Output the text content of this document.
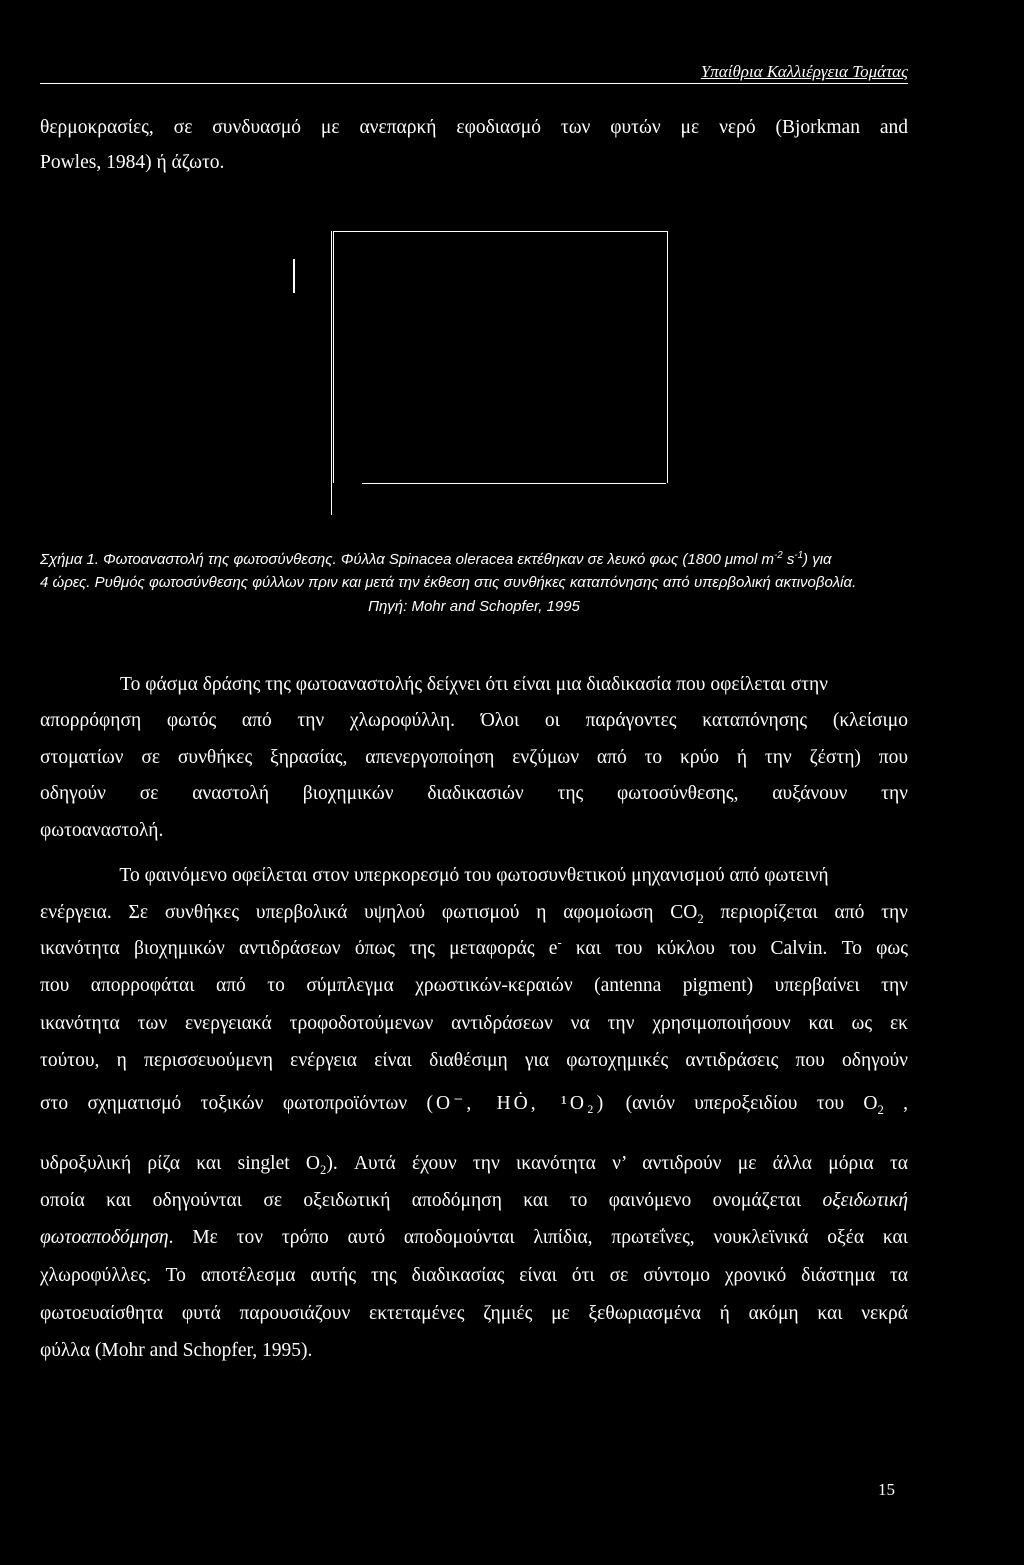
Υπαίθρια Καλλιέργεια Τομάτας
θερμοκρασίες, σε συνδυασμό με ανεπαρκή εφοδιασμό των φυτών με νερό (Bjorkman and
Powles, 1984) ή άζωτο.
Σχήμα 1. Φωτοαναστολή της φωτοσύνθεσης. Φύλλα Spinacea oleracea εκτέθηκαν σε λευκό φως (1800 μmol $m^{-2}$ $s^{-1}$) για
4 ώρες. Ρυθμός φωτοσύνθεσης φύλλων πριν και μετά την έκθεση στις συνθήκες καταπόνησης από υπερβολική ακτινοβολία.
Πηγή: Mohr and Schopfer, 1995
Το φάσμα δράσης της φωτοαναστολής δείχνει ότι είναι μια διαδικασία που οφείλεται στην
απορρόφηση φωτός από την χλωροφύλλη. Όλοι οι παράγοντες καταπόνησης (κλείσιμο
στοματίων σε συνθήκες ξηρασίας, απενεργοποίηση ενζύμων από το κρύο ή την ζέστη) που
οδηγούν σε αναστολή βιοχημικών διαδικασιών της φωτοσύνθεσης, αυξάνουν την
φωτοαναστολή.
Το φαινόμενο οφείλεται στον υπερκορεσμό του φωτοσυνθετικού μηχανισμού από φωτεινή
ενέργεια. Σε συνθήκες υπερβολικά υψηλού φωτισμού η αφομοίωση $CO_2$ περιορίζεται από την
ικανότητα βιοχημικών αντιδράσεων όπως της μεταφοράς e- και του κύκλου του Calvin. Το φως
που απορροφάται από το σύμπλεγμα χρωστικών-κεραιών (antenna pigment) υπερβαίνει την
ικανότητα των ενεργειακά τροφοδοτούμενων αντιδράσεων να την χρησιμοποιήσουν και ως εκ
τούτου, η περισσευούμενη ενέργεια είναι διαθέσιμη για φωτοχημικές αντιδράσεις που οδηγούν
στο σχηματισμό τοξικών φωτοπροϊόντων (O⁻, HȮ, ¹O₂) (ανιόν υπεροξειδίου του $O_2$ ,
υδροξυλική ρίζα και singlet $O_2$). Αυτά έχουν την ικανότητα ν’ αντιδρούν με άλλα μόρια τα
οποία και οδηγούνται σε οξειδωτική αποδόμηση και το φαινόμενο ονομάζεται οξειδωτική
φωτοαποδόμηση. Με τον τρόπο αυτό αποδομούνται λιπίδια, πρωτεΐνες, νουκλεϊνικά οξέα και
χλωροφύλλες. Το αποτέλεσμα αυτής της διαδικασίας είναι ότι σε σύντομο χρονικό διάστημα τα
φωτοευαίσθητα φυτά παρουσιάζουν εκτεταμένες ζημιές με ξεθωριασμένα ή ακόμη και νεκρά
φύλλα (Mohr and Schopfer, 1995).
15
